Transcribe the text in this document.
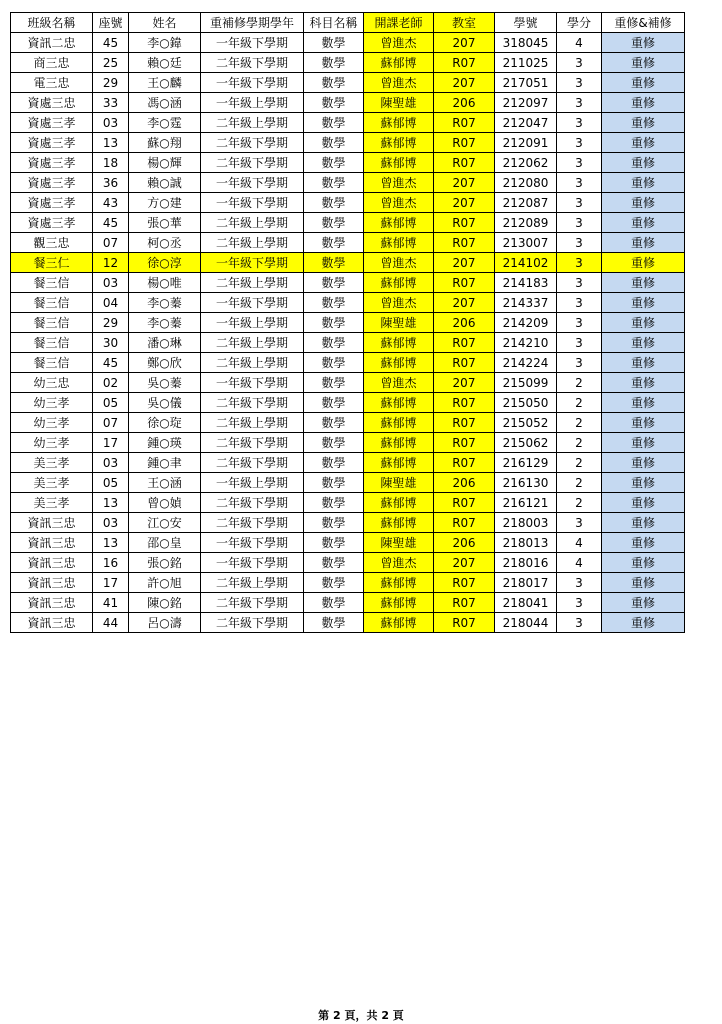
班級名稱	座號	姓名	重補修學期學年	科目名稱	開課老師	教室	學號	學分	重修&補修
資訊二忠	45	李○鍏	一年級下學期	數學	曾進杰	207	318045	4	重修
商三忠	25	賴○廷	二年級下學期	數學	蘇郁博	R07	211025	3	重修
電三忠	29	王○麟	一年級下學期	數學	曾進杰	207	217051	3	重修
資處三忠	33	馮○涵	一年級上學期	數學	陳聖雄	206	212097	3	重修
資處三孝	03	李○霆	二年級上學期	數學	蘇郁博	R07	212047	3	重修
資處三孝	13	蘇○翔	二年級下學期	數學	蘇郁博	R07	212091	3	重修
資處三孝	18	楊○輝	二年級下學期	數學	蘇郁博	R07	212062	3	重修
資處三孝	36	賴○誠	一年級下學期	數學	曾進杰	207	212080	3	重修
資處三孝	43	方○建	一年級下學期	數學	曾進杰	207	212087	3	重修
資處三孝	45	張○華	二年級上學期	數學	蘇郁博	R07	212089	3	重修
觀三忠	07	柯○丞	二年級上學期	數學	蘇郁博	R07	213007	3	重修
餐三仁	12	徐○淳	一年級下學期	數學	曾進杰	207	214102	3	重修
餐三信	03	楊○唯	二年級上學期	數學	蘇郁博	R07	214183	3	重修
餐三信	04	李○蓁	一年級下學期	數學	曾進杰	207	214337	3	重修
餐三信	29	李○蓁	一年級上學期	數學	陳聖雄	206	214209	3	重修
餐三信	30	潘○琳	二年級上學期	數學	蘇郁博	R07	214210	3	重修
餐三信	45	鄭○欣	二年級上學期	數學	蘇郁博	R07	214224	3	重修
幼三忠	02	吳○蓁	一年級下學期	數學	曾進杰	207	215099	2	重修
幼三孝	05	吳○儀	二年級下學期	數學	蘇郁博	R07	215050	2	重修
幼三孝	07	徐○琁	二年級上學期	數學	蘇郁博	R07	215052	2	重修
幼三孝	17	鍾○瑛	二年級下學期	數學	蘇郁博	R07	215062	2	重修
美三孝	03	鍾○聿	二年級下學期	數學	蘇郁博	R07	216129	2	重修
美三孝	05	王○涵	一年級上學期	數學	陳聖雄	206	216130	2	重修
美三孝	13	曾○媜	二年級下學期	數學	蘇郁博	R07	216121	2	重修
資訊三忠	03	江○安	二年級下學期	數學	蘇郁博	R07	218003	3	重修
資訊三忠	13	邵○皇	一年級下學期	數學	陳聖雄	206	218013	4	重修
資訊三忠	16	張○銘	一年級下學期	數學	曾進杰	207	218016	4	重修
資訊三忠	17	許○旭	二年級上學期	數學	蘇郁博	R07	218017	3	重修
資訊三忠	41	陳○銘	二年級下學期	數學	蘇郁博	R07	218041	3	重修
資訊三忠	44	呂○濤	二年級下學期	數學	蘇郁博	R07	218044	3	重修
第 2 頁，共 2 頁
